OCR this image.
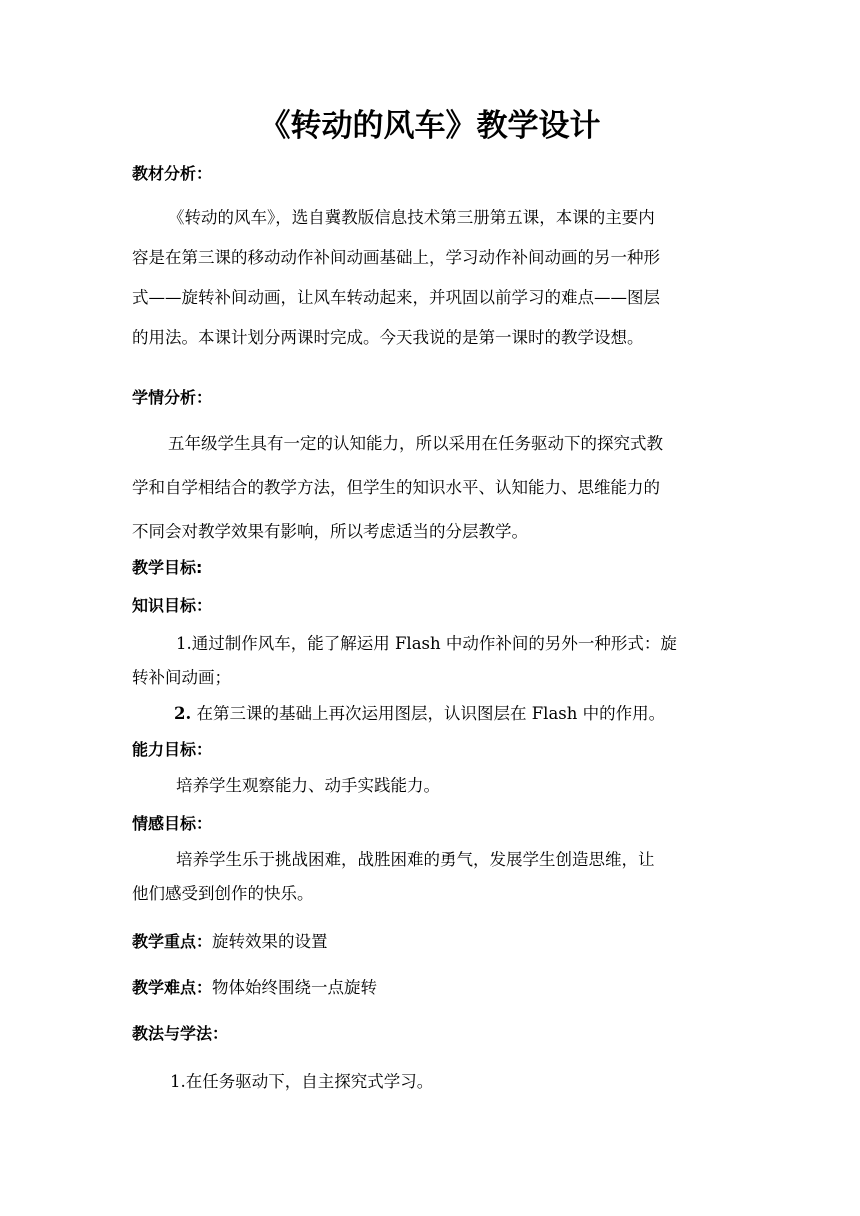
《转动的风车》教学设计
教材分析：
《转动的风车》，选自冀教版信息技术第三册第五课，本课的主要内
容是在第三课的移动动作补间动画基础上，学习动作补间动画的另一种形
式——旋转补间动画，让风车转动起来，并巩固以前学习的难点——图层
的用法。本课计划分两课时完成。今天我说的是第一课时的教学设想。
学情分析：
五年级学生具有一定的认知能力，所以采用在任务驱动下的探究式教
学和自学相结合的教学方法，但学生的知识水平、认知能力、思维能力的
不同会对教学效果有影响，所以考虑适当的分层教学。
教学目标:
知识目标：
1.通过制作风车，能了解运用 Flash 中动作补间的另外一种形式：旋
转补间动画；
2. 在第三课的基础上再次运用图层，认识图层在 Flash 中的作用。
能力目标：
培养学生观察能力、动手实践能力。
情感目标：
培养学生乐于挑战困难，战胜困难的勇气，发展学生创造思维，让
他们感受到创作的快乐。
教学重点：旋转效果的设置
教学难点：物体始终围绕一点旋转
教法与学法：
1.在任务驱动下，自主探究式学习。
